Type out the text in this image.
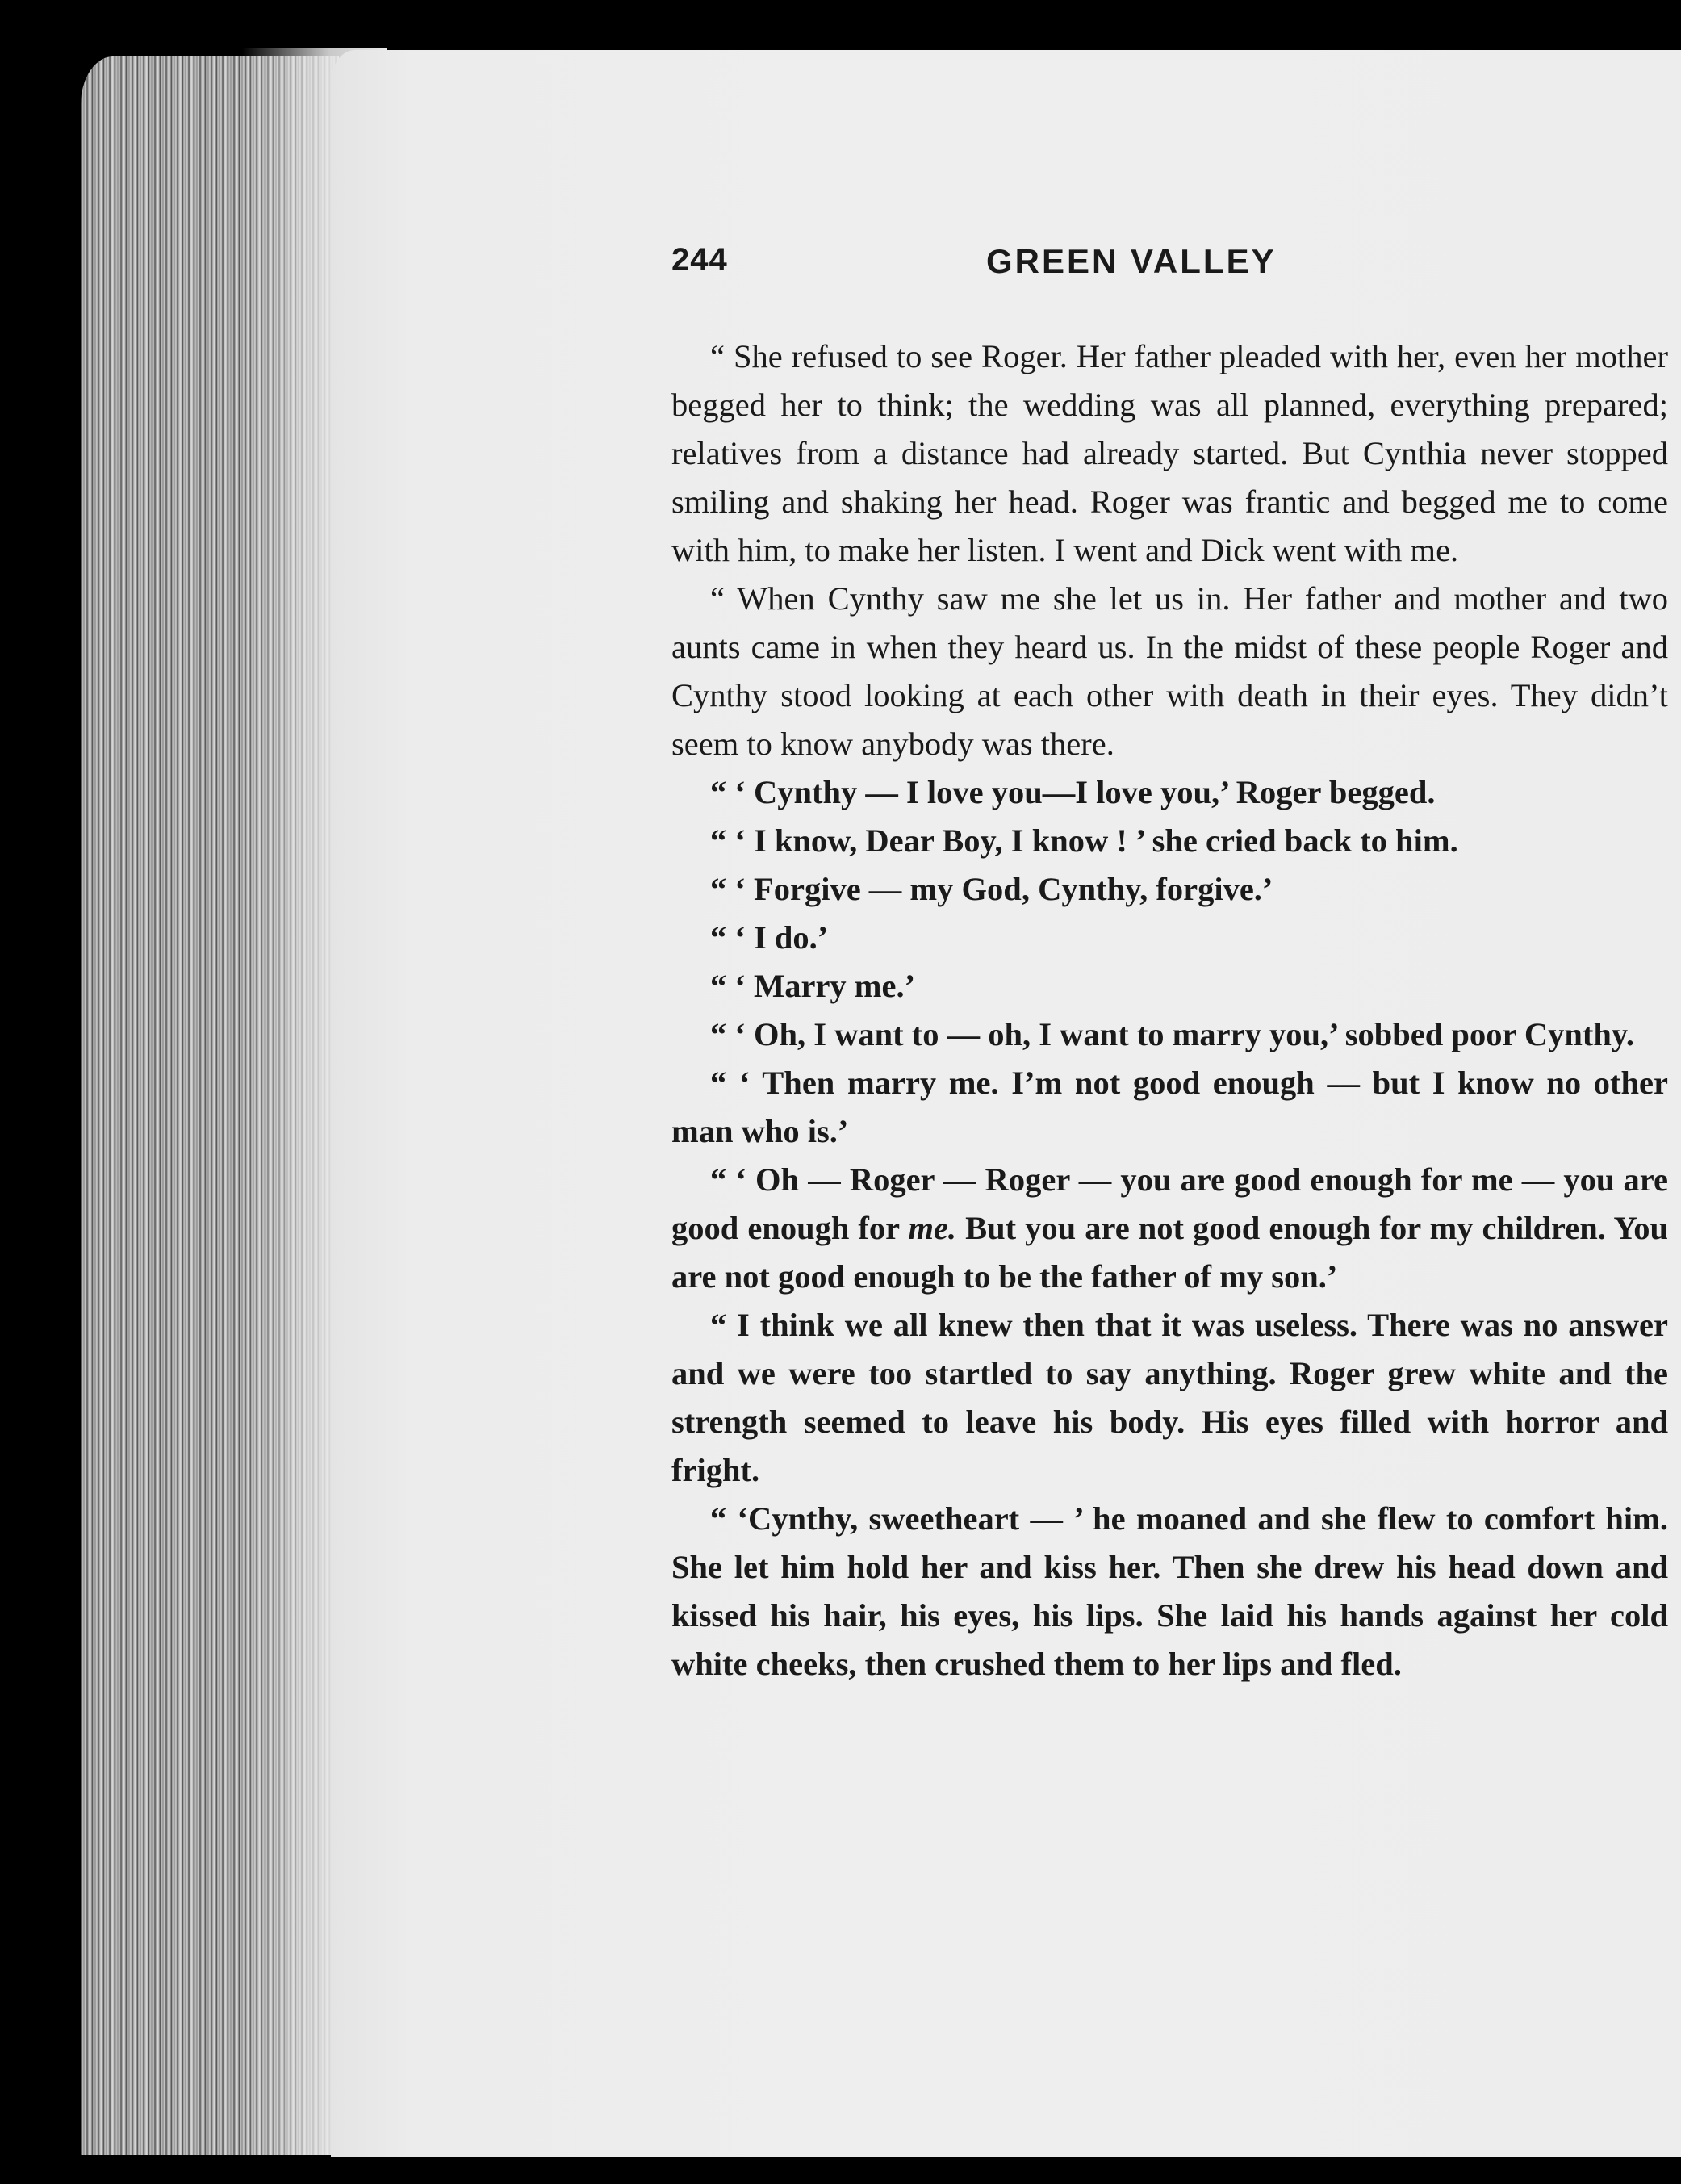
244	GREEN VALLEY

“ She refused to see Roger. Her father pleaded with her, even her mother begged her to think; the wedding was all planned, everything prepared; relatives from a distance had already started. But Cynthia never stopped smiling and shaking her head. Roger was frantic and begged me to come with him, to make her listen. I went and Dick went with me.

“ When Cynthy saw me she let us in. Her father and mother and two aunts came in when they heard us. In the midst of these people Roger and Cynthy stood looking at each other with death in their eyes. They didn’t seem to know anybody was there.

“ ‘ Cynthy — I love you—I love you,’ Roger begged.

“ ‘ I know, Dear Boy, I know ! ’ she cried back to him.

“ ‘ Forgive — my God, Cynthy, forgive.’

“ ‘ I do.’

“ ‘ Marry me.’

“ ‘ Oh, I want to — oh, I want to marry you,’ sobbed poor Cynthy.

“ ‘ Then marry me. I’m not good enough — but I know no other man who is.’

“ ‘ Oh — Roger — Roger — you are good enough for me — you are good enough for me. But you are not good enough for my children. You are not good enough to be the father of my son.’

“ I think we all knew then that it was useless. There was no answer and we were too startled to say anything. Roger grew white and the strength seemed to leave his body. His eyes filled with horror and fright.

“ ‘Cynthy, sweetheart — ’ he moaned and she flew to comfort him. She let him hold her and kiss her. Then she drew his head down and kissed his hair, his eyes, his lips. She laid his hands against her cold white cheeks, then crushed them to her lips and fled.
